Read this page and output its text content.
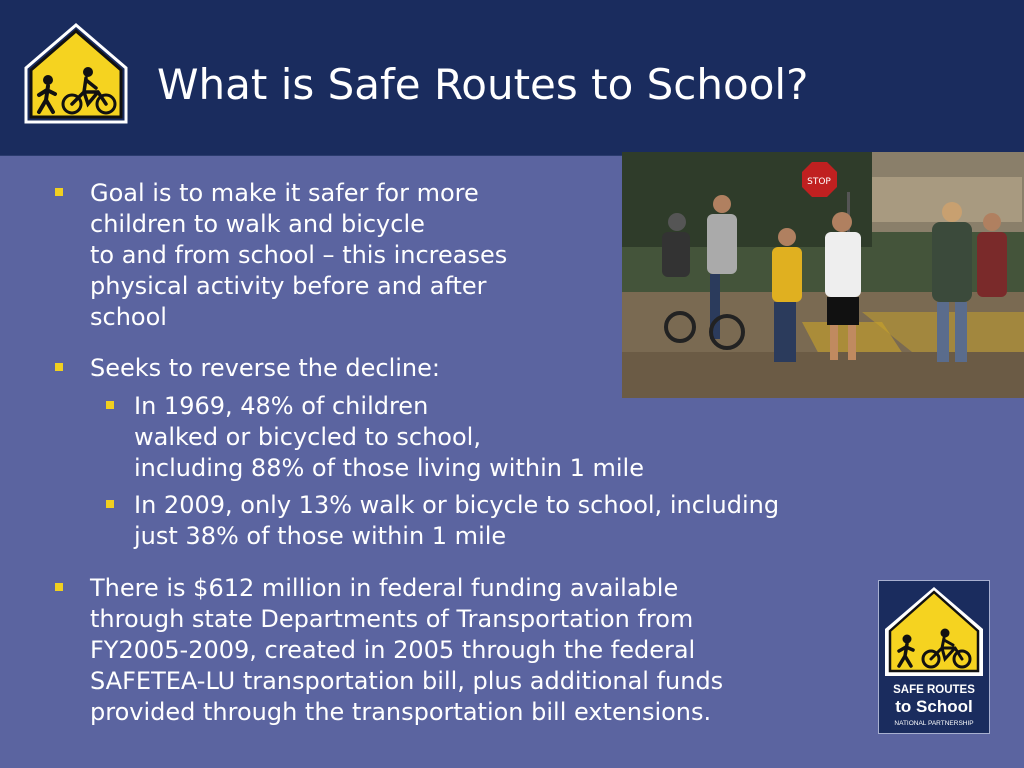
What is Safe Routes to School?
STOP
Goal is to make it safer for more
children to walk and bicycle
to and from school – this increases
physical activity before and after
school
Seeks to reverse the decline:
In 1969, 48% of children
walked or bicycled to school,
including 88% of those living within 1 mile
In 2009, only 13% walk or bicycle to school, including
just 38% of those within 1 mile
There is $612 million in federal funding available
through state Departments of Transportation from
FY2005-2009, created in 2005 through the federal
SAFETEA-LU transportation bill, plus additional funds
provided through the transportation bill extensions.
SAFE ROUTES
to School
NATIONAL PARTNERSHIP
